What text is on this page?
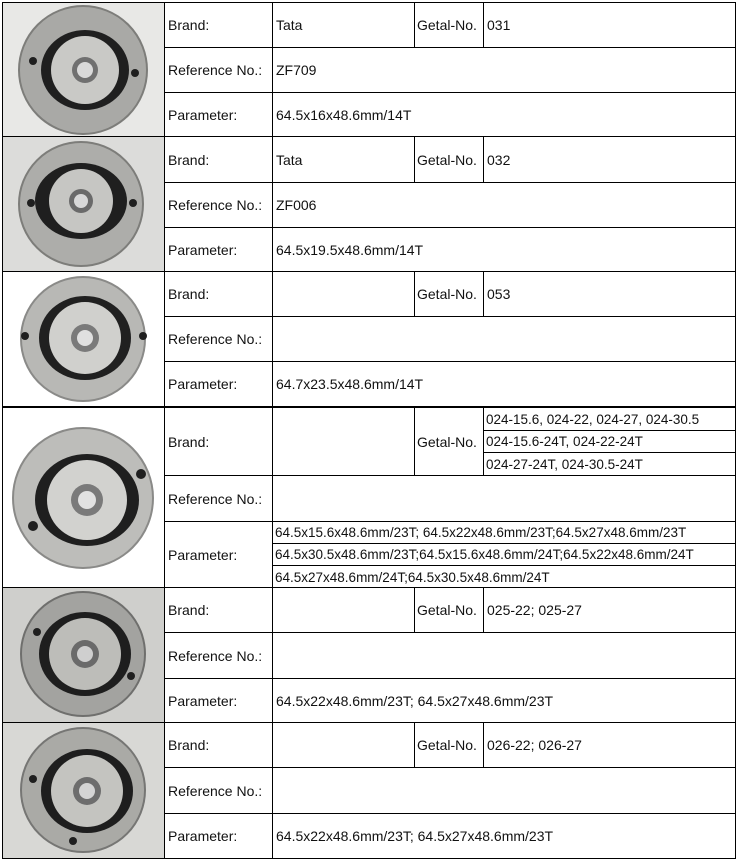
Brand:	Tata	Getal-No. 031
Reference No.: ZF709
Parameter:	64.5x16x48.6mm/14T
Brand:	Tata	Getal-No. 032
Reference No.: ZF006
Parameter:	64.5x19.5x48.6mm/14T
Brand:	Getal-No. 053
Reference No.:
Parameter:	64.7x23.5x48.6mm/14T
Brand:	Getal-No.
024-15.6, 024-22, 024-27, 024-30.5
024-15.6-24T, 024-22-24T
024-27-24T, 024-30.5-24T
Reference No.:
Parameter:
64.5x15.6x48.6mm/23T; 64.5x22x48.6mm/23T;64.5x27x48.6mm/23T
64.5x30.5x48.6mm/23T;64.5x15.6x48.6mm/24T;64.5x22x48.6mm/24T
64.5x27x48.6mm/24T;64.5x30.5x48.6mm/24T
Brand:	Getal-No. 025-22; 025-27
Reference No.:
Parameter:	64.5x22x48.6mm/23T; 64.5x27x48.6mm/23T
Brand:	Getal-No. 026-22; 026-27
Reference No.:
Parameter:	64.5x22x48.6mm/23T; 64.5x27x48.6mm/23T
